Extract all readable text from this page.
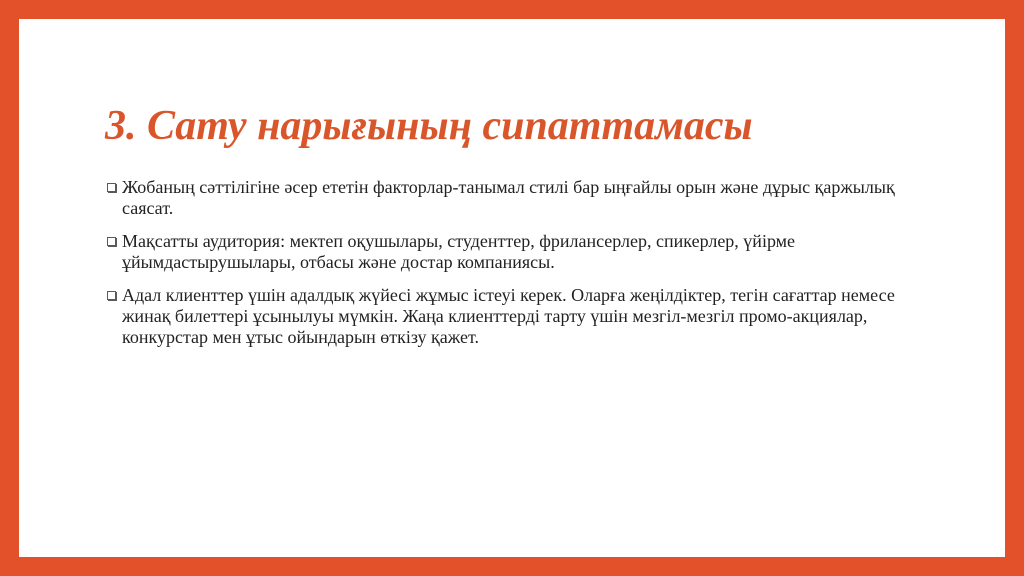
3. Сату нарығының сипаттамасы
Жобаның сәттілігіне әсер ететін факторлар-танымал стилі бар ыңғайлы орын және дұрыс қаржылық саясат.
Мақсатты аудитория: мектеп оқушылары, студенттер, фрилансерлер, спикерлер, үйірме ұйымдастырушылары, отбасы және достар компаниясы.
Адал клиенттер үшін адалдық жүйесі жұмыс істеуі керек. Оларға жеңілдіктер, тегін сағаттар немесе жинақ билеттері ұсынылуы мүмкін. Жаңа клиенттерді тарту үшін мезгіл-мезгіл промо-акциялар, конкурстар мен ұтыс ойындарын өткізу қажет.
